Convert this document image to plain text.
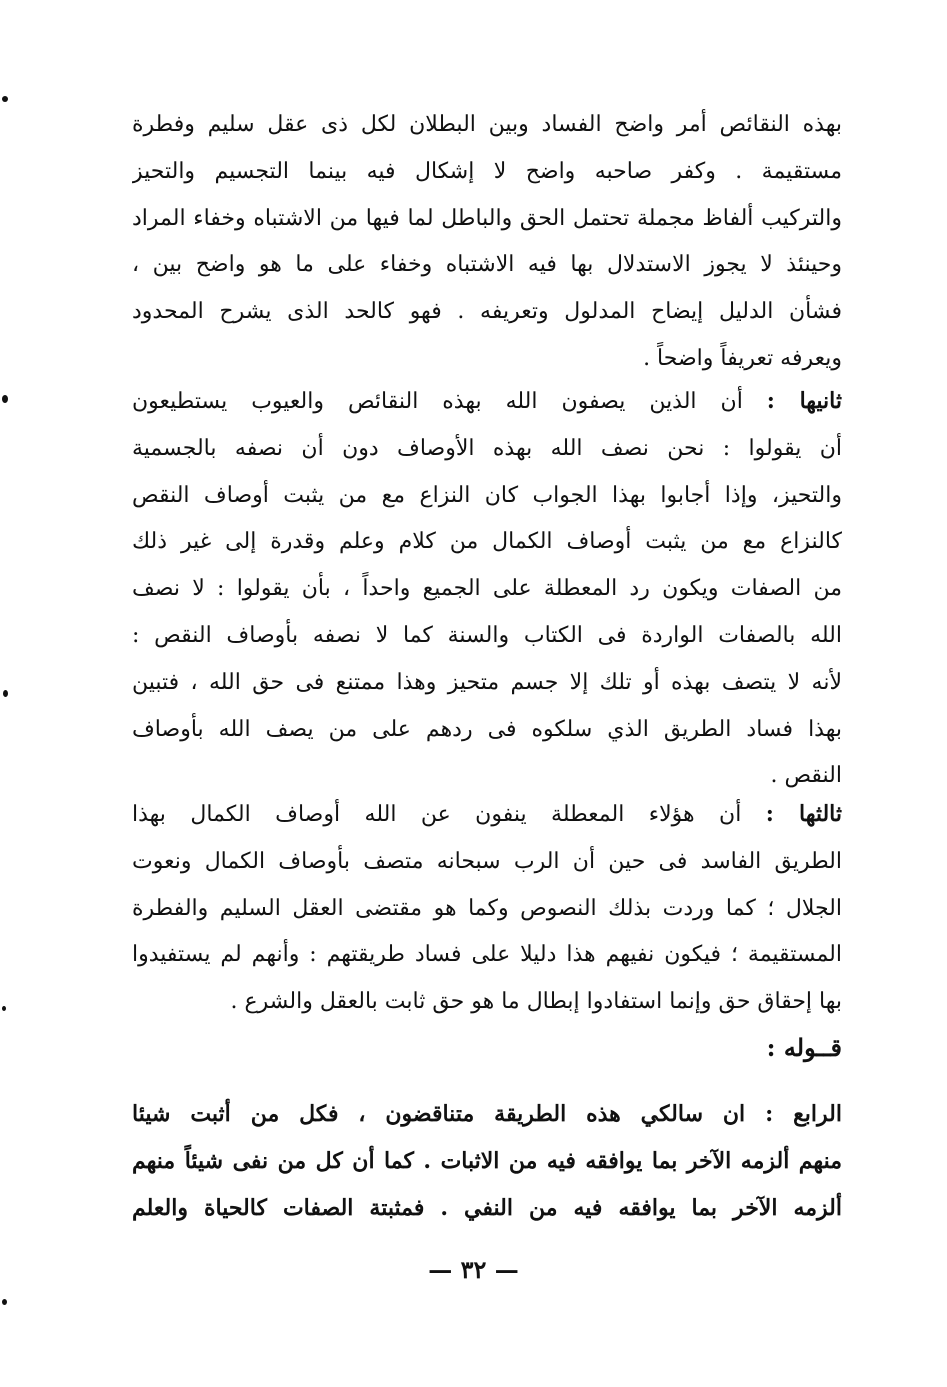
بهذه النقائص أمر واضح الفساد وبين البطلان لكل ذى عقل سليم وفطرة
مستقيمة . وكفر صاحبه واضح لا إشكال فيه بينما التجسيم والتحيز
والتركيب ألفاظ مجملة تحتمل الحق والباطل لما فيها من الاشتباه وخفاء المراد
وحينئذ لا يجوز الاستدلال بها فيه الاشتباه وخفاء على ما هو واضح بين ،
فشأن الدليل إيضاح المدلول وتعريفه . فهو كالحد الذى يشرح المحدود
ويعرفه تعريفاً واضحاً .
ثانيها : أن الذين يصفون الله بهذه النقائص والعيوب يستطيعون
أن يقولوا : نحن نصف الله بهذه الأوصاف دون أن نصفه بالجسمية
والتحيز، وإذا أجابوا بهذا الجواب كان النزاع مع من يثبت أوصاف النقص
كالنزاع مع من يثبت أوصاف الكمال من كلام وعلم وقدرة إلى غير ذلك
من الصفات ويكون رد المعطلة على الجميع واحداً ، بأن يقولوا : لا نصف
الله بالصفات الواردة فى الكتاب والسنة كما لا نصفه بأوصاف النقص :
لأنه لا يتصف بهذه أو تلك إلا جسم متحيز وهذا ممتنع فى حق الله ، فتبين
بهذا فساد الطريق الذي سلكوه فى ردهم على من يصف الله بأوصاف
النقص .
ثالثها : أن هؤلاء المعطلة ينفون عن الله أوصاف الكمال بهذا
الطريق الفاسد فى حين أن الرب سبحانه متصف بأوصاف الكمال ونعوت
الجلال ؛ كما وردت بذلك النصوص وكما هو مقتضى العقل السليم والفطرة
المستقيمة ؛ فيكون نفيهم هذا دليلا على فساد طريقتهم : وأنهم لم يستفيدوا
بها إحقاق حق وإنما استفادوا إبطال ما هو حق ثابت بالعقل والشرع .
قــوله :
الرابع : ان سالكي هذه الطريقة متناقضون ، فكل من أثبت شيئا
منهم ألزمه الآخر بما يوافقه فيه من الاثبات . كما أن كل من نفى شيئاً منهم
ألزمه الآخر بما يوافقه فيه من النفي . فمثبتة الصفات كالحياة والعلم
— ٣٢ —
